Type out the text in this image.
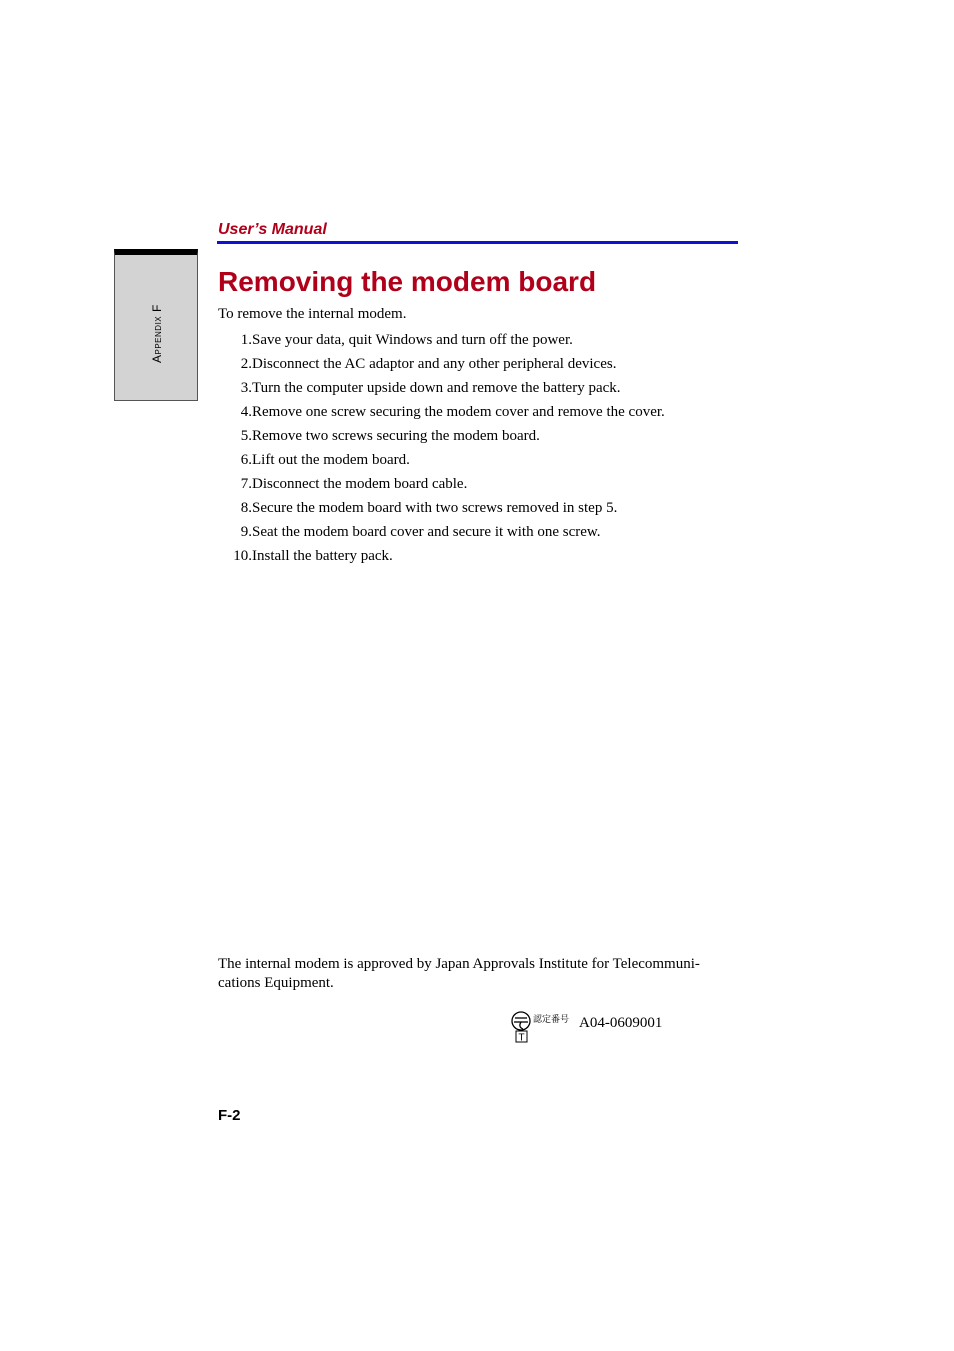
User’s Manual
Appendix F
Removing the modem board
To remove the internal modem.
1. Save your data, quit Windows and turn off the power.
2. Disconnect the AC adaptor and any other peripheral devices.
3. Turn the computer upside down and remove the battery pack.
4. Remove one screw securing the modem cover and remove the cover.
5. Remove two screws securing the modem board.
6. Lift out the modem board.
7. Disconnect the modem board cable.
8. Secure the modem board with two screws removed in step 5.
9. Seat the modem board cover and secure it with one screw.
10. Install the battery pack.
The internal modem is approved by Japan Approvals Institute for Telecommuni-
cations Equipment.
T
認定番号 A04-0609001
F-2
